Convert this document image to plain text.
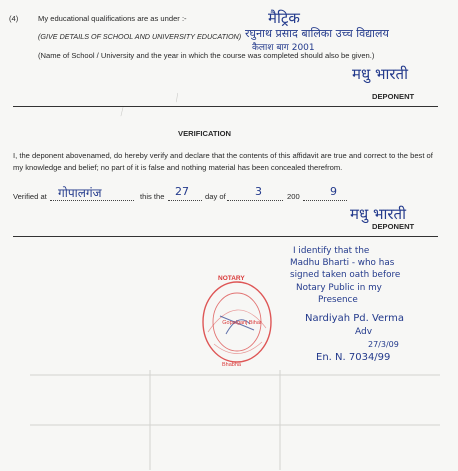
(4)	My educational qualifications are as under :-
(GIVE DETAILS OF SCHOOL AND UNIVERSITY EDUCATION)
(Name of School / University and the year in which the course was completed should also be given.)
मैट्रिक
रघुनाथ प्रसाद बालिका उच्च विद्यालय
कैलाश बाग 2001
मधु भारती
╱
╱	DEPONENT
VERIFICATION
I, the deponent abovenamed, do hereby verify and declare that the contents of this affidavit are true and correct to the best of my knowledge and belief; no part of it is false and nothing material has been concealed therefrom.
Verified at गोपालगंज	this the 27 day of	3	200	9
मधु भारती
DEPONENT
I identify that the
Madhu Bharti - who has
signed taken oath before
Notary Public in my
Presence
Nardiyah Pd. Verma
Adv
27/3/09
En. N. 7034/99
NOTARY
Gopalganj Bihar
Bhabha
